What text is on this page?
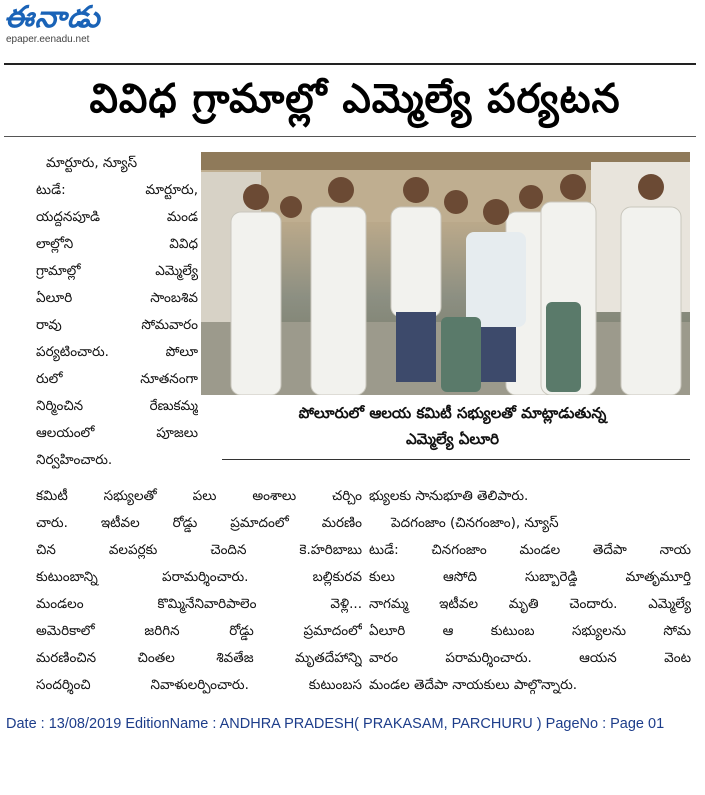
ఈనాడు
epaper.eenadu.net
వివిధ గ్రామాల్లో ఎమ్మెల్యే పర్యటన
మార్టూరు, న్యూస్
టుడే: మార్టూరు,
యద్దనపూడి మండ
లాల్లోని వివిధ
గ్రామాల్లో ఎమ్మెల్యే
ఏలూరి సాంబశివ
రావు సోమవారం
పర్యటించారు. పోలూ
రులో నూతనంగా
నిర్మించిన రేణుకమ్మ
ఆలయంలో పూజలు
నిర్వహించారు.
పోలూరులో ఆలయ కమిటీ సభ్యులతో మాట్లాడుతున్న
ఎమ్మెల్యే ఏలూరి
కమిటీ సభ్యులతో పలు అంశాలు చర్చిం
చారు. ఇటీవల రోడ్డు ప్రమాదంలో మరణిం
చిన వలపర్లకు చెందిన కె.హరిబాబు
కుటుంబాన్ని పరామర్శించారు. బల్లికురవ
మండలం కొమ్మినేనివారిపాలెం వెళ్లి...
అమెరికాలో జరిగిన రోడ్డు ప్రమాదంలో
మరణించిన చింతల శివతేజ మృతదేహాన్ని
సందర్శించి నివాళులర్పించారు. కుటుంబస
భ్యులకు సానుభూతి తెలిపారు.
పెదగంజాం (చినగంజాం), న్యూస్
టుడే: చినగంజాం మండల తెదేపా నాయ
కులు ఆసోది సుబ్బారెడ్డి మాతృమూర్తి
నాగమ్మ ఇటీవల మృతి చెందారు. ఎమ్మెల్యే
ఏలూరి ఆ కుటుంబ సభ్యులను సోమ
వారం పరామర్శించారు. ఆయన వెంట
మండల తెదేపా నాయకులు పాల్గొన్నారు.
Date : 13/08/2019 EditionName : ANDHRA PRADESH( PRAKASAM, PARCHURU ) PageNo : Page 01
